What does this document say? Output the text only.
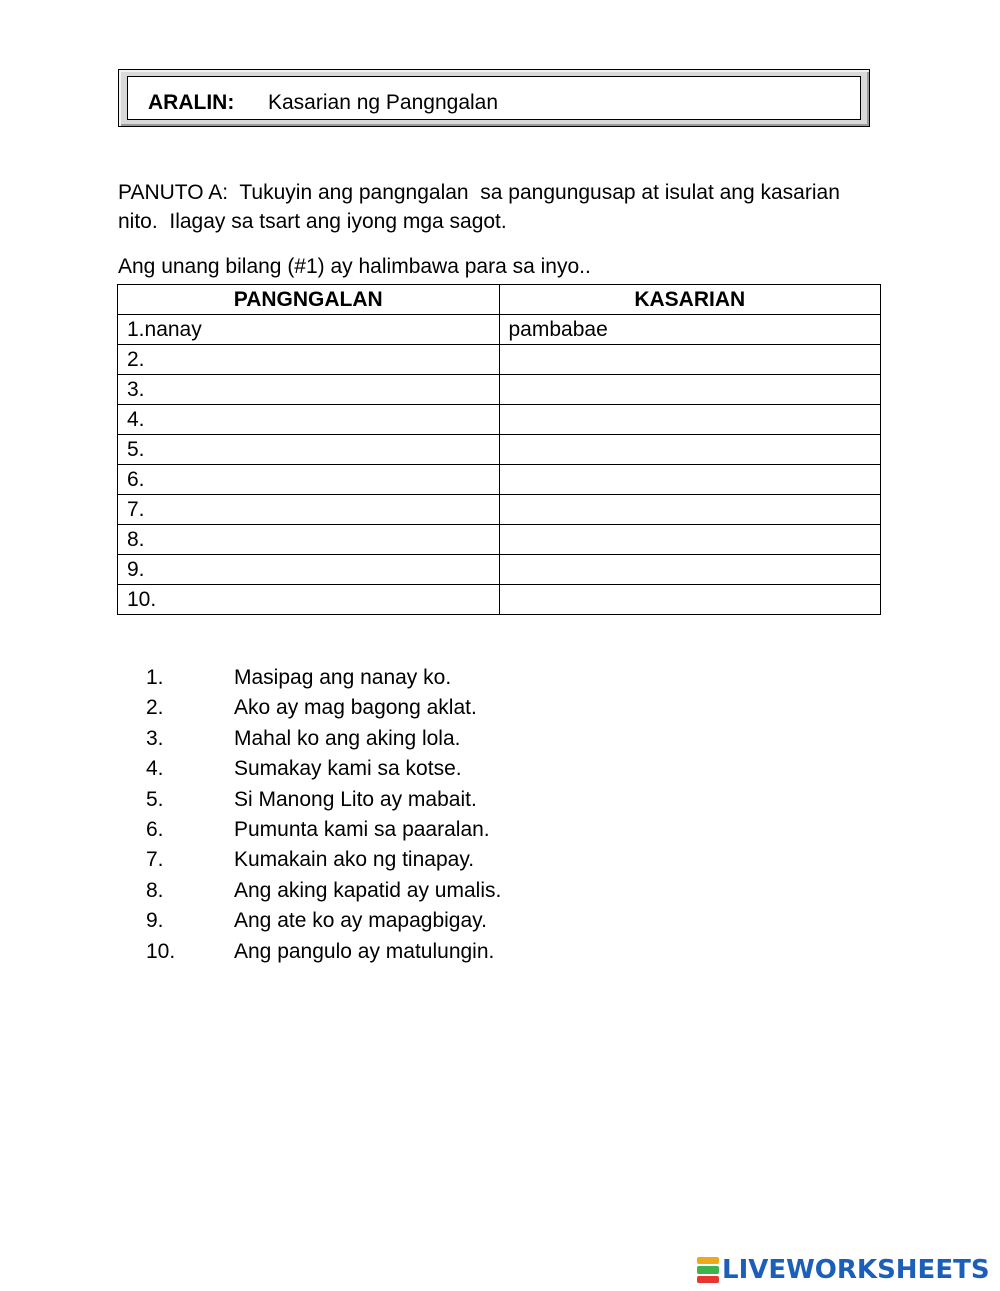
ARALIN: Kasarian ng Pangngalan
PANUTO A:  Tukuyin ang pangngalan  sa pangungusap at isulat ang kasarian nito.  Ilagay sa tsart ang iyong mga sagot.
Ang unang bilang (#1) ay halimbawa para sa inyo..
PANGNGALAN	KASARIAN
1.nanay	pambabae
2.	
3.	
4.	
5.	
6.	
7.	
8.	
9.	
10.	
1.	Masipag ang nanay ko.
2.	Ako ay mag bagong aklat.
3.	Mahal ko ang aking lola.
4.	Sumakay kami sa kotse.
5.	Si Manong Lito ay mabait.
6.	Pumunta kami sa paaralan.
7.	Kumakain ako ng tinapay.
8.	Ang aking kapatid ay umalis.
9.	Ang ate ko ay mapagbigay.
10.	Ang pangulo ay matulungin.
LIVEWORKSHEETS
